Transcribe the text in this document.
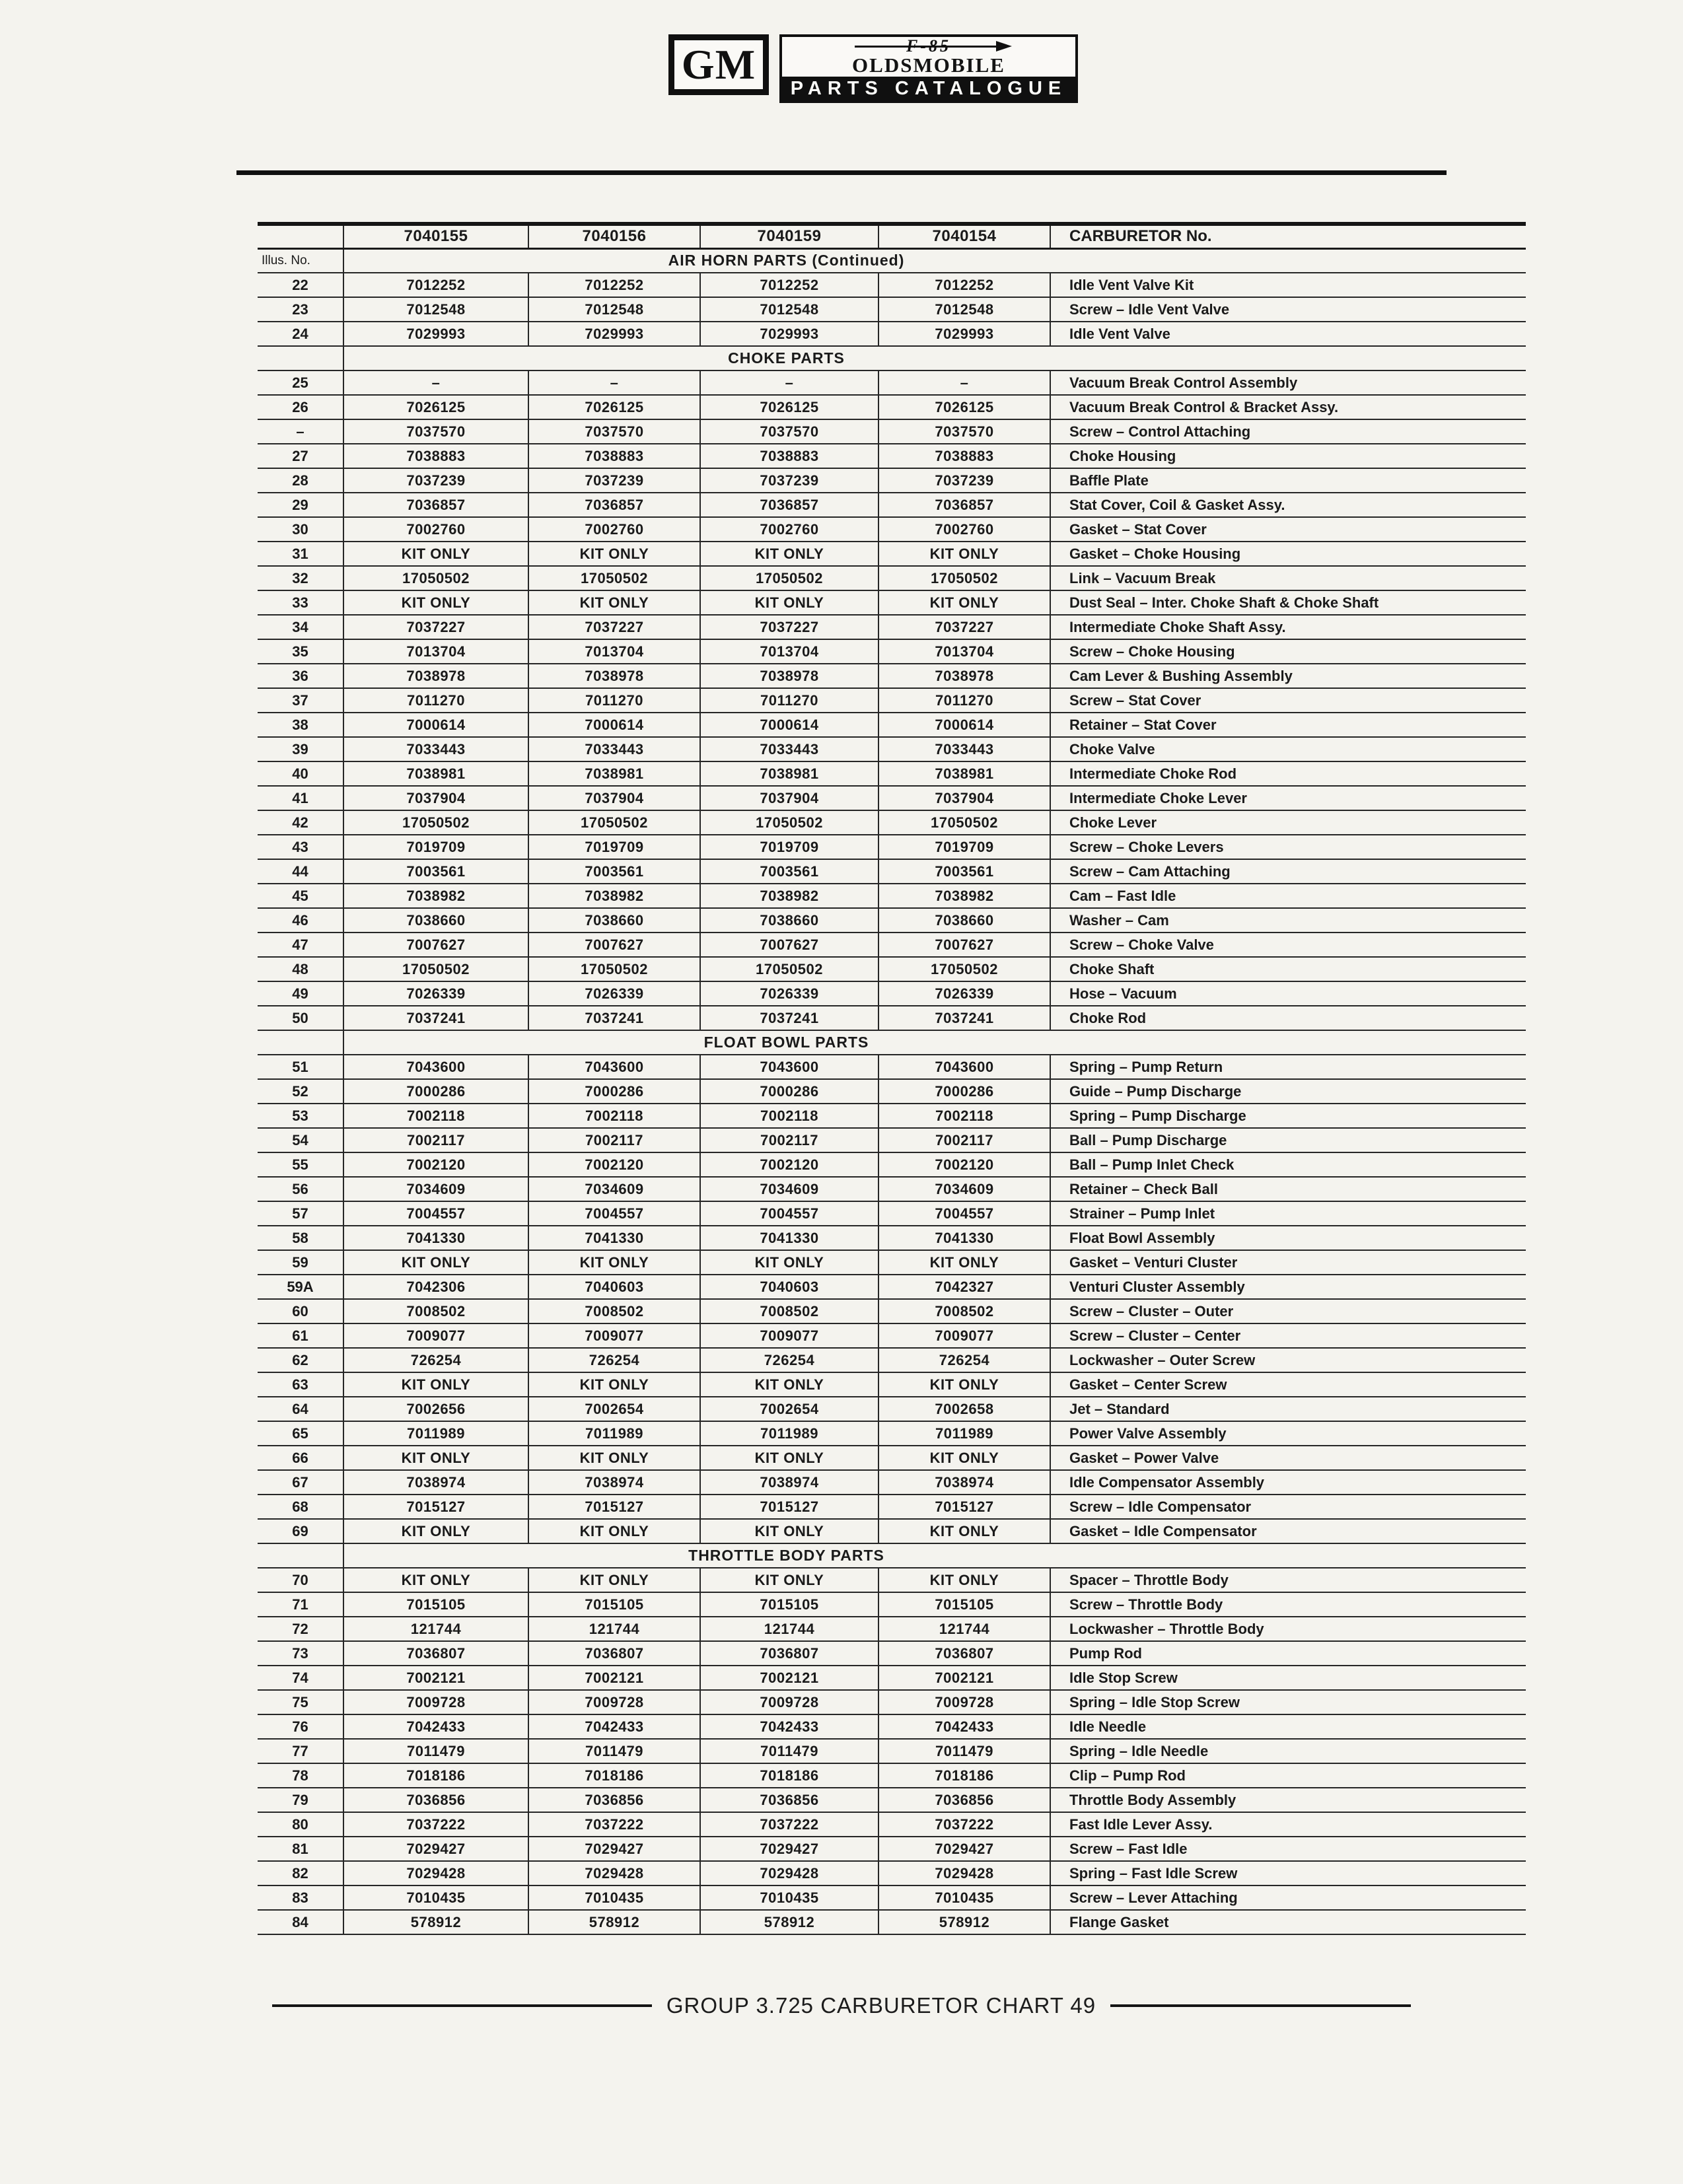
GM	F-85
OLDSMOBILE
PARTS CATALOGUE
	7040155	7040156	7040159	7040154	CARBURETOR No.
Illus. No.	AIR HORN PARTS (Continued)				
22	7012252	7012252	7012252	7012252	Idle Vent Valve Kit
23	7012548	7012548	7012548	7012548	Screw – Idle Vent Valve
24	7029993	7029993	7029993	7029993	Idle Vent Valve
	CHOKE PARTS				
25	–	–	–	–	Vacuum Break Control Assembly
26	7026125	7026125	7026125	7026125	Vacuum Break Control & Bracket Assy.
–	7037570	7037570	7037570	7037570	Screw – Control Attaching
27	7038883	7038883	7038883	7038883	Choke Housing
28	7037239	7037239	7037239	7037239	Baffle Plate
29	7036857	7036857	7036857	7036857	Stat Cover, Coil & Gasket Assy.
30	7002760	7002760	7002760	7002760	Gasket – Stat Cover
31	KIT ONLY	KIT ONLY	KIT ONLY	KIT ONLY	Gasket – Choke Housing
32	17050502	17050502	17050502	17050502	Link – Vacuum Break
33	KIT ONLY	KIT ONLY	KIT ONLY	KIT ONLY	Dust Seal – Inter. Choke Shaft & Choke Shaft
34	7037227	7037227	7037227	7037227	Intermediate Choke Shaft Assy.
35	7013704	7013704	7013704	7013704	Screw – Choke Housing
36	7038978	7038978	7038978	7038978	Cam Lever & Bushing Assembly
37	7011270	7011270	7011270	7011270	Screw – Stat Cover
38	7000614	7000614	7000614	7000614	Retainer – Stat Cover
39	7033443	7033443	7033443	7033443	Choke Valve
40	7038981	7038981	7038981	7038981	Intermediate Choke Rod
41	7037904	7037904	7037904	7037904	Intermediate Choke Lever
42	17050502	17050502	17050502	17050502	Choke Lever
43	7019709	7019709	7019709	7019709	Screw – Choke Levers
44	7003561	7003561	7003561	7003561	Screw – Cam Attaching
45	7038982	7038982	7038982	7038982	Cam – Fast Idle
46	7038660	7038660	7038660	7038660	Washer – Cam
47	7007627	7007627	7007627	7007627	Screw – Choke Valve
48	17050502	17050502	17050502	17050502	Choke Shaft
49	7026339	7026339	7026339	7026339	Hose – Vacuum
50	7037241	7037241	7037241	7037241	Choke Rod
	FLOAT BOWL PARTS				
51	7043600	7043600	7043600	7043600	Spring – Pump Return
52	7000286	7000286	7000286	7000286	Guide – Pump Discharge
53	7002118	7002118	7002118	7002118	Spring – Pump Discharge
54	7002117	7002117	7002117	7002117	Ball – Pump Discharge
55	7002120	7002120	7002120	7002120	Ball – Pump Inlet Check
56	7034609	7034609	7034609	7034609	Retainer – Check Ball
57	7004557	7004557	7004557	7004557	Strainer – Pump Inlet
58	7041330	7041330	7041330	7041330	Float Bowl Assembly
59	KIT ONLY	KIT ONLY	KIT ONLY	KIT ONLY	Gasket – Venturi Cluster
59A	7042306	7040603	7040603	7042327	Venturi Cluster Assembly
60	7008502	7008502	7008502	7008502	Screw – Cluster – Outer
61	7009077	7009077	7009077	7009077	Screw – Cluster – Center
62	726254	726254	726254	726254	Lockwasher – Outer Screw
63	KIT ONLY	KIT ONLY	KIT ONLY	KIT ONLY	Gasket – Center Screw
64	7002656	7002654	7002654	7002658	Jet – Standard
65	7011989	7011989	7011989	7011989	Power Valve Assembly
66	KIT ONLY	KIT ONLY	KIT ONLY	KIT ONLY	Gasket – Power Valve
67	7038974	7038974	7038974	7038974	Idle Compensator Assembly
68	7015127	7015127	7015127	7015127	Screw – Idle Compensator
69	KIT ONLY	KIT ONLY	KIT ONLY	KIT ONLY	Gasket – Idle Compensator
	THROTTLE BODY PARTS				
70	KIT ONLY	KIT ONLY	KIT ONLY	KIT ONLY	Spacer – Throttle Body
71	7015105	7015105	7015105	7015105	Screw – Throttle Body
72	121744	121744	121744	121744	Lockwasher – Throttle Body
73	7036807	7036807	7036807	7036807	Pump Rod
74	7002121	7002121	7002121	7002121	Idle Stop Screw
75	7009728	7009728	7009728	7009728	Spring – Idle Stop Screw
76	7042433	7042433	7042433	7042433	Idle Needle
77	7011479	7011479	7011479	7011479	Spring – Idle Needle
78	7018186	7018186	7018186	7018186	Clip – Pump Rod
79	7036856	7036856	7036856	7036856	Throttle Body Assembly
80	7037222	7037222	7037222	7037222	Fast Idle Lever Assy.
81	7029427	7029427	7029427	7029427	Screw – Fast Idle
82	7029428	7029428	7029428	7029428	Spring – Fast Idle Screw
83	7010435	7010435	7010435	7010435	Screw – Lever Attaching
84	578912	578912	578912	578912	Flange Gasket
GROUP 3.725 CARBURETOR CHART 49
